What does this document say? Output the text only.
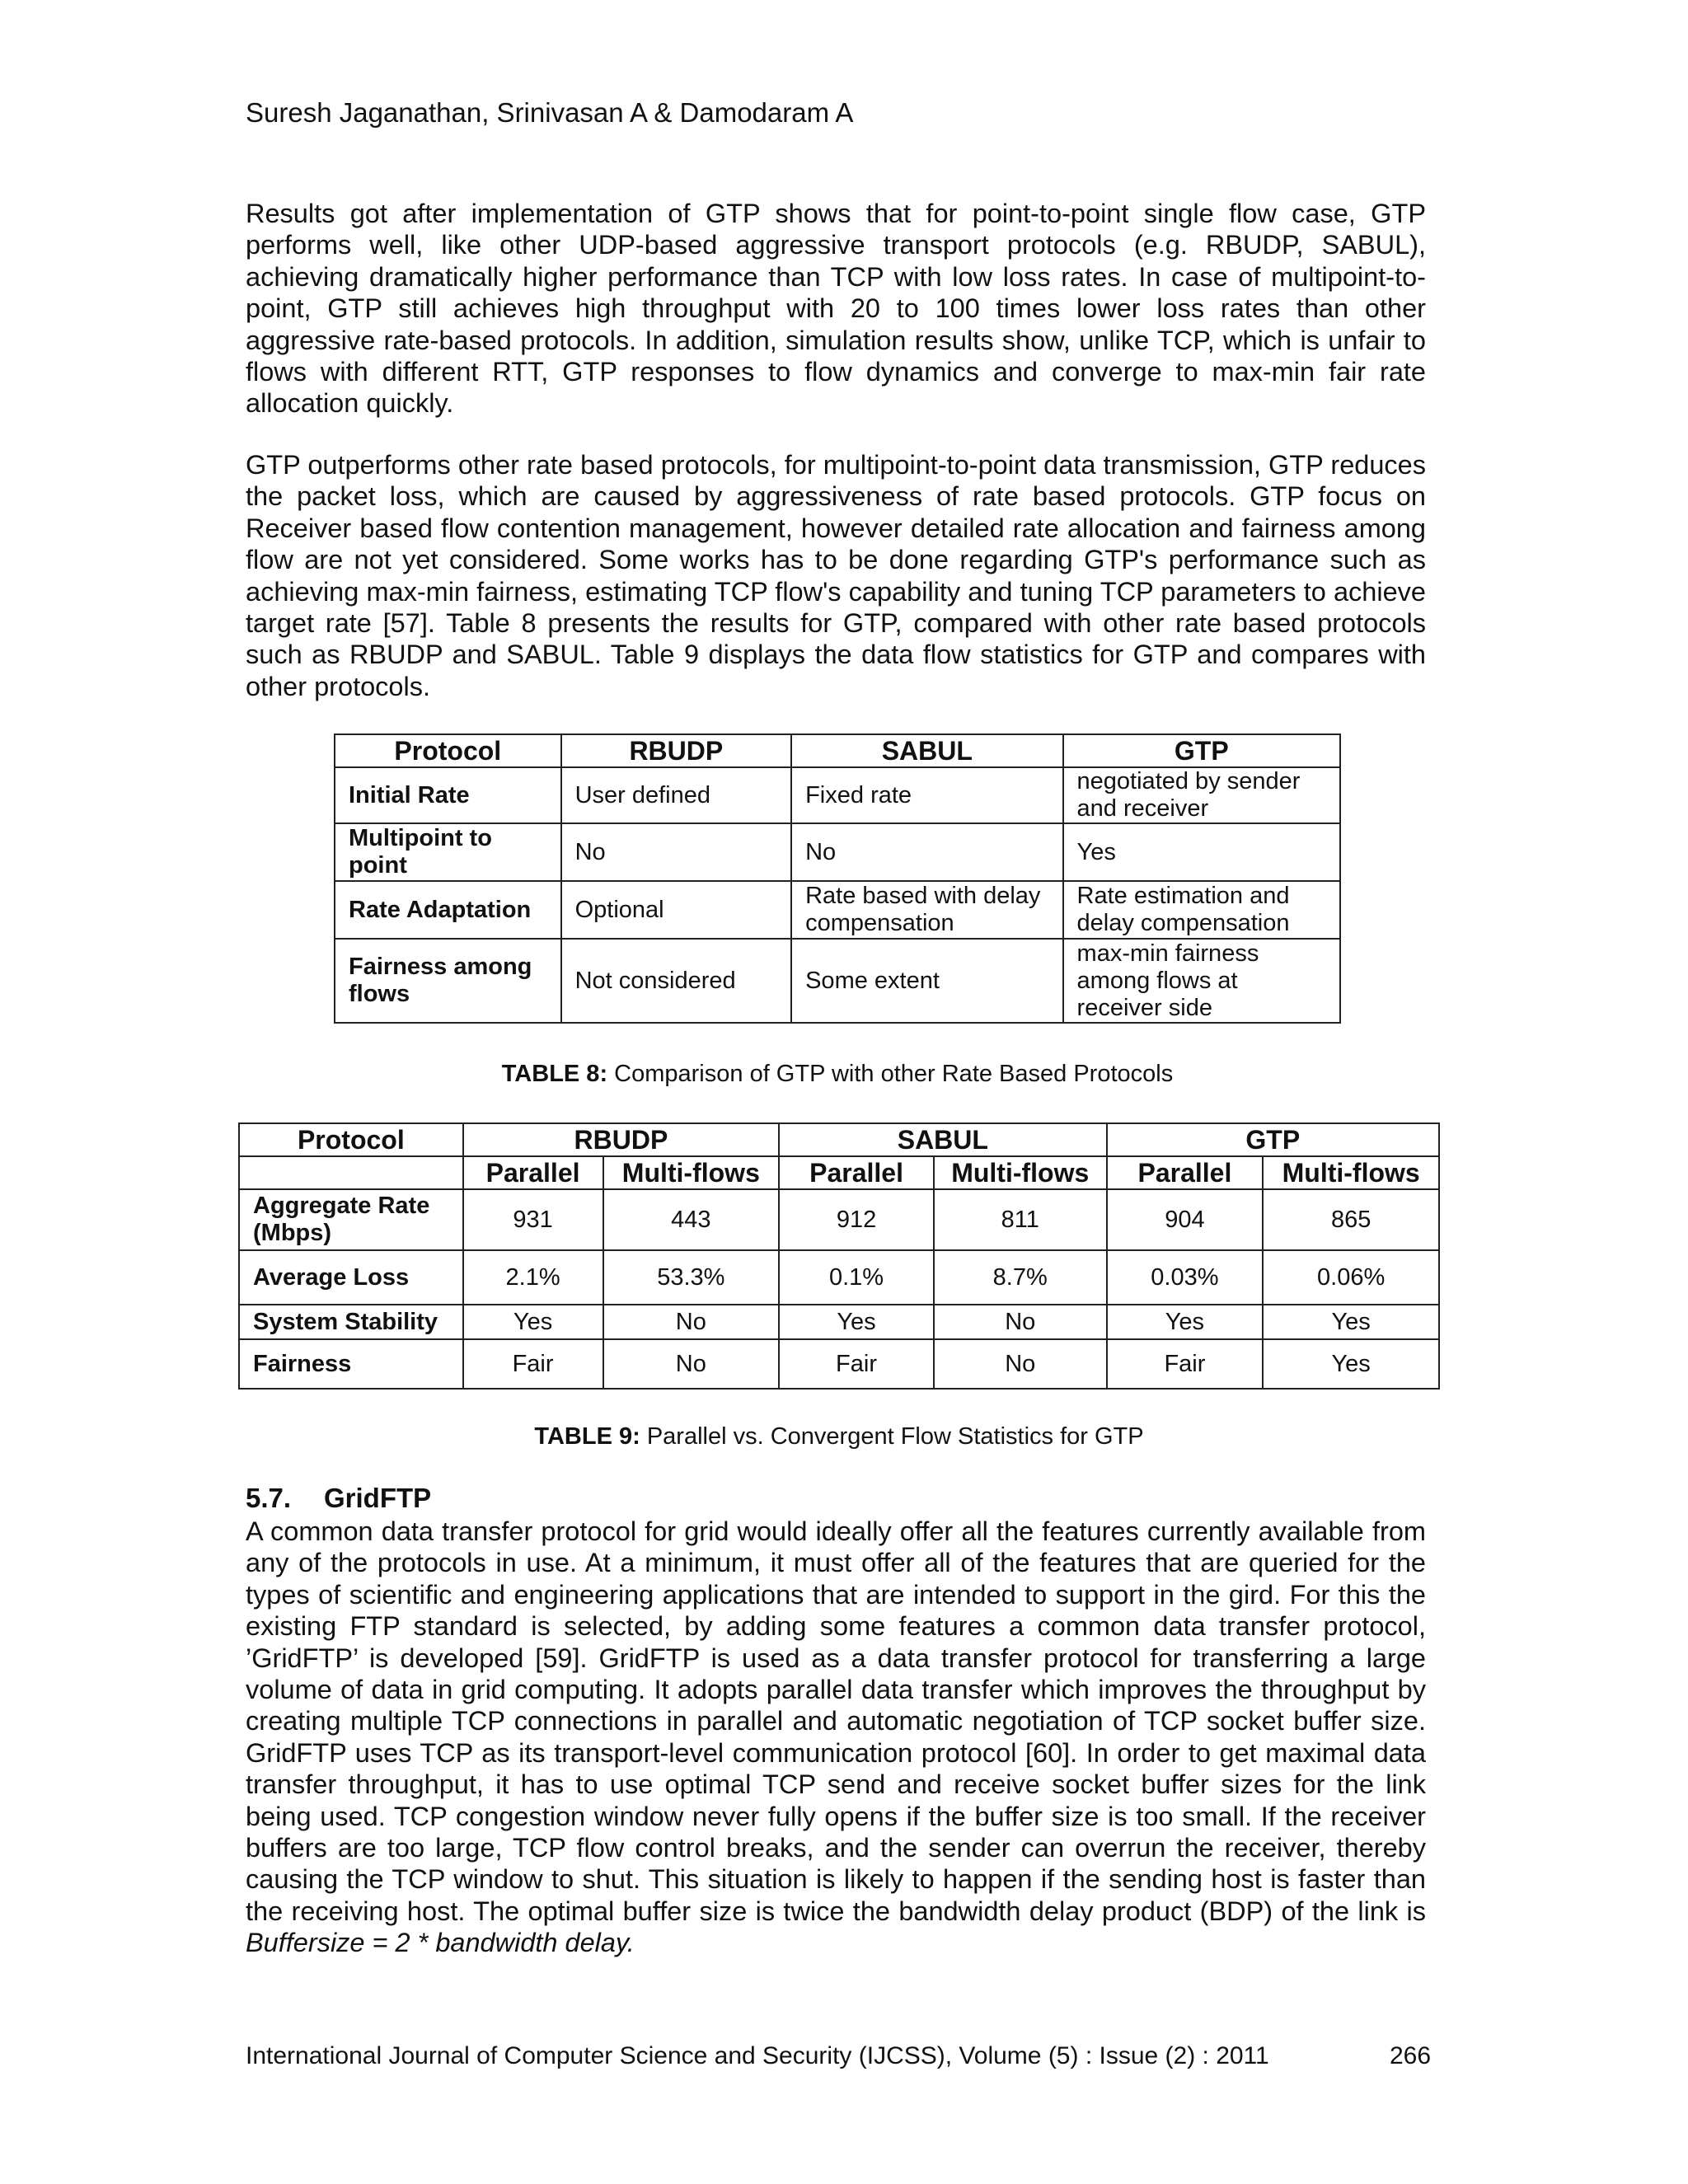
Suresh Jaganathan, Srinivasan A & Damodaram A

Results got after implementation of GTP shows that for point-to-point single flow case, GTP performs well, like other UDP-based aggressive transport protocols (e.g. RBUDP, SABUL), achieving dramatically higher performance than TCP with low loss rates. In case of multipoint-to-point, GTP still achieves high throughput with 20 to 100 times lower loss rates than other aggressive rate-based protocols. In addition, simulation results show, unlike TCP, which is unfair to flows with different RTT, GTP responses to flow dynamics and converge to max-min fair rate allocation quickly.

GTP outperforms other rate based protocols, for multipoint-to-point data transmission, GTP reduces the packet loss, which are caused by aggressiveness of rate based protocols. GTP focus on Receiver based flow contention management, however detailed rate allocation and fairness among flow are not yet considered. Some works has to be done regarding GTP's performance such as achieving max-min fairness, estimating TCP flow's capability and tuning TCP parameters to achieve target rate [57]. Table 8 presents the results for GTP, compared with other rate based protocols such as RBUDP and SABUL. Table 9 displays the data flow statistics for GTP and compares with other protocols.

Protocol	RBUDP	SABUL	GTP
Initial Rate	User defined	Fixed rate	negotiated by sender and receiver
Multipoint to point	No	No	Yes
Rate Adaptation	Optional	Rate based with delay compensation	Rate estimation and delay compensation
Fairness among flows	Not considered	Some extent	max-min fairness among flows at receiver side
TABLE 8: Comparison of GTP with other Rate Based Protocols
Protocol	RBUDP		SABUL		GTP	
	Parallel	Multi-flows	Parallel	Multi-flows	Parallel	Multi-flows
Aggregate Rate (Mbps)	931	443	912	811	904	865
Average Loss	2.1%	53.3%	0.1%	8.7%	0.03%	0.06%
System Stability	Yes	No	Yes	No	Yes	Yes
Fairness	Fair	No	Fair	No	Fair	Yes
TABLE 9: Parallel vs. Convergent Flow Statistics for GTP
5.7. GridFTP

A common data transfer protocol for grid would ideally offer all the features currently available from any of the protocols in use. At a minimum, it must offer all of the features that are queried for the types of scientific and engineering applications that are intended to support in the gird. For this the existing FTP standard is selected, by adding some features a common data transfer protocol, ’GridFTP’ is developed [59]. GridFTP is used as a data transfer protocol for transferring a large volume of data in grid computing. It adopts parallel data transfer which improves the throughput by creating multiple TCP connections in parallel and automatic negotiation of TCP socket buffer size. GridFTP uses TCP as its transport-level communication protocol [60]. In order to get maximal data transfer throughput, it has to use optimal TCP send and receive socket buffer sizes for the link being used. TCP congestion window never fully opens if the buffer size is too small. If the receiver buffers are too large, TCP flow control breaks, and the sender can overrun the receiver, thereby causing the TCP window to shut. This situation is likely to happen if the sending host is faster than the receiving host. The optimal buffer size is twice the bandwidth delay product (BDP) of the link is Buffersize = 2 * bandwidth delay.

International Journal of Computer Science and Security (IJCSS), Volume (5) : Issue (2) : 2011	266
